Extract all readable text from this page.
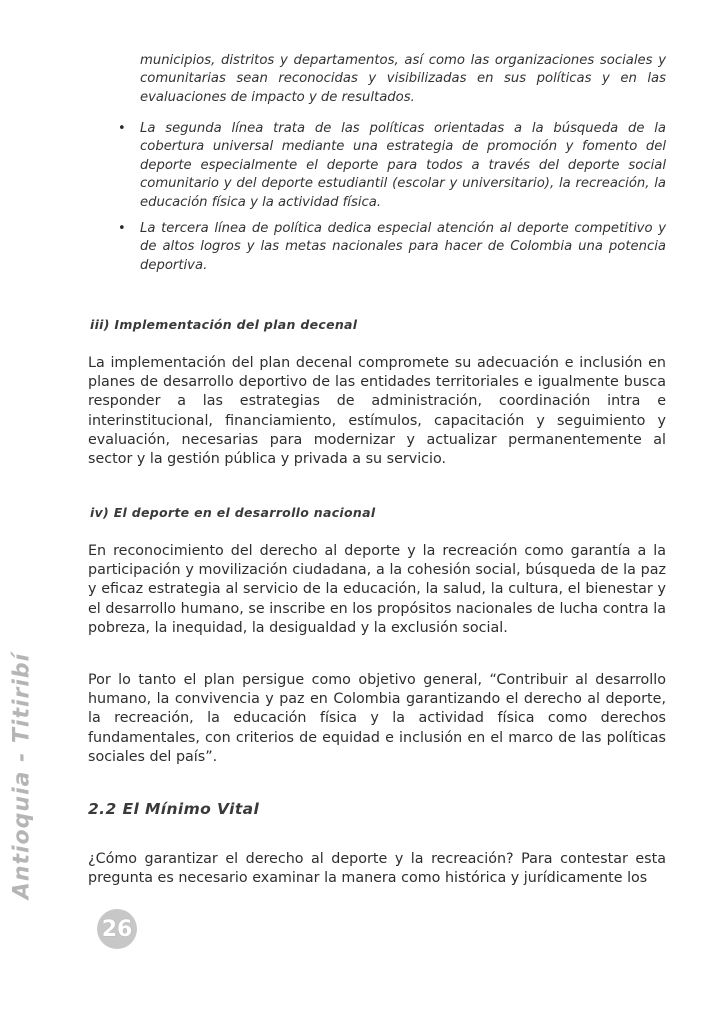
municipios, distritos y departamentos, así como las organizaciones sociales y comunitarias sean reconocidas y visibilizadas en sus políticas y en las evaluaciones de impacto y de resultados.

• La segunda línea trata de las políticas orientadas a la búsqueda de la cobertura universal mediante una estrategia de promoción y fomento del deporte especialmente el deporte para todos a través del deporte social comunitario y del deporte estudiantil (escolar y universitario), la recreación, la educación física y la actividad física.

• La tercera línea de política dedica especial atención al deporte competitivo y de altos logros y las metas nacionales para hacer de Colombia una potencia deportiva.

iii) Implementación del plan decenal

La implementación del plan decenal compromete su adecuación e inclusión en planes de desarrollo deportivo de las entidades territoriales e igualmente busca responder a las estrategias de administración, coordinación intra e interinstitucional, financiamiento, estímulos, capacitación y seguimiento y evaluación, necesarias para modernizar y actualizar permanentemente al sector y la gestión pública y privada a su servicio.

iv) El deporte en el desarrollo nacional

En reconocimiento del derecho al deporte y la recreación como garantía a la participación y movilización ciudadana, a la cohesión social, búsqueda de la paz y eficaz estrategia al servicio de la educación, la salud, la cultura, el bienestar y el desarrollo humano, se inscribe en los propósitos nacionales de lucha contra la pobreza, la inequidad, la desigualdad y la exclusión social.

Por lo tanto el plan persigue como objetivo general, “Contribuir al desarrollo humano, la convivencia y paz en Colombia garantizando el derecho al deporte, la recreación, la educación física y la actividad física como derechos fundamentales, con criterios de equidad e inclusión en el marco de las políticas sociales del país”.

2.2 El Mínimo Vital

¿Cómo garantizar el derecho al deporte y la recreación? Para contestar esta pregunta es necesario examinar la manera como histórica y jurídicamente los

Antioquia - Titiribí
26
